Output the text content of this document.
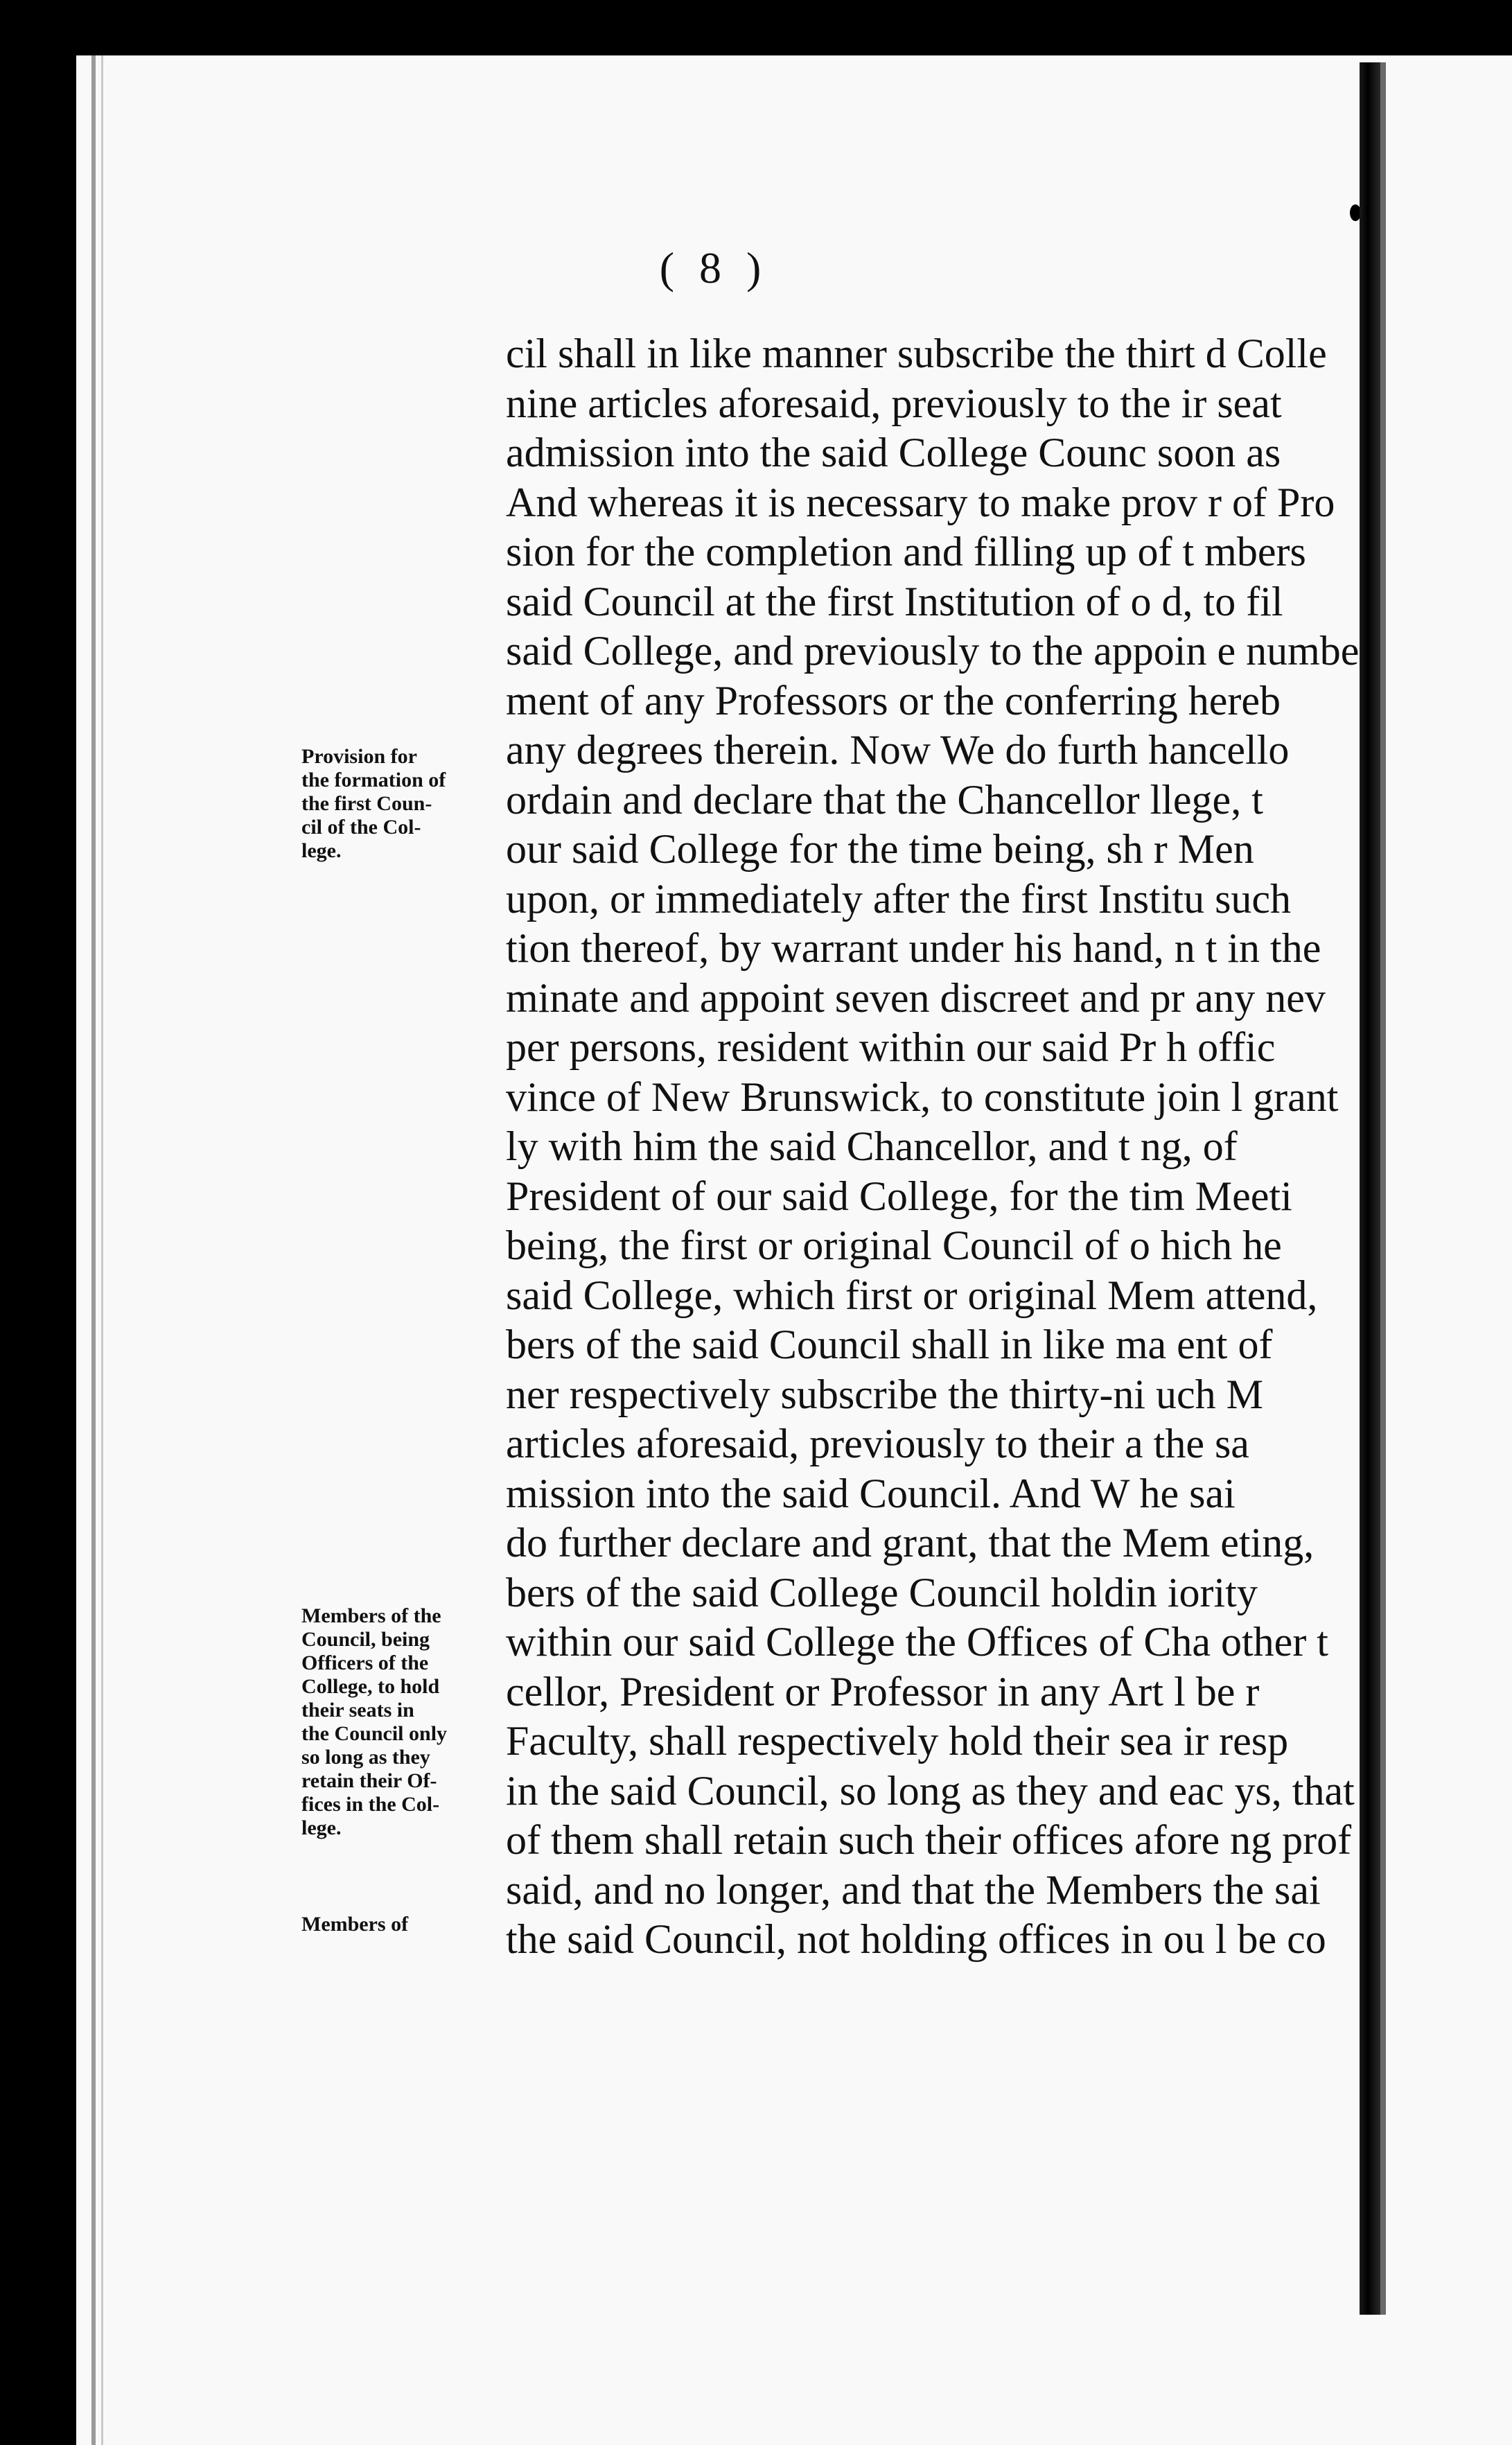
( 8 )
Provision for
the formation of
the first Coun-
cil of the Col-
lege.
Members of the
Council, being
Officers of the
College, to hold
their seats in
the Council only
so long as they
retain their Of-
fices in the Col-
lege.
Members of
cil shall in like manner subscribe the thirt d Colle
nine articles aforesaid, previously to the ir seat
admission into the said College Counc soon as
And whereas it is necessary to make prov r of Pro
sion for the completion and filling up of t mbers
said Council at the first Institution of o d, to fil
said College, and previously to the appoin e numbe
ment of any Professors or the conferring hereb
any degrees therein. Now We do furth hancello
ordain and declare that the Chancellor llege, t
our said College for the time being, sh r Men
upon, or immediately after the first Institu such
tion thereof, by warrant under his hand, n t in the
minate and appoint seven discreet and pr any nev
per persons, resident within our said Pr h offic
vince of New Brunswick, to constitute join l grant
ly with him the said Chancellor, and t ng, of
President of our said College, for the tim Meeti
being, the first or original Council of o hich he
said College, which first or original Mem attend,
bers of the said Council shall in like ma ent of
ner respectively subscribe the thirty-ni uch M
articles aforesaid, previously to their a the sa
mission into the said Council. And W he sai
do further declare and grant, that the Mem eting,
bers of the said College Council holdin iority
within our said College the Offices of Cha other t
cellor, President or Professor in any Art l be r
Faculty, shall respectively hold their sea ir resp
in the said Council, so long as they and eac ys, that
of them shall retain such their offices afore ng prof
said, and no longer, and that the Members the sai
the said Council, not holding offices in ou l be co
